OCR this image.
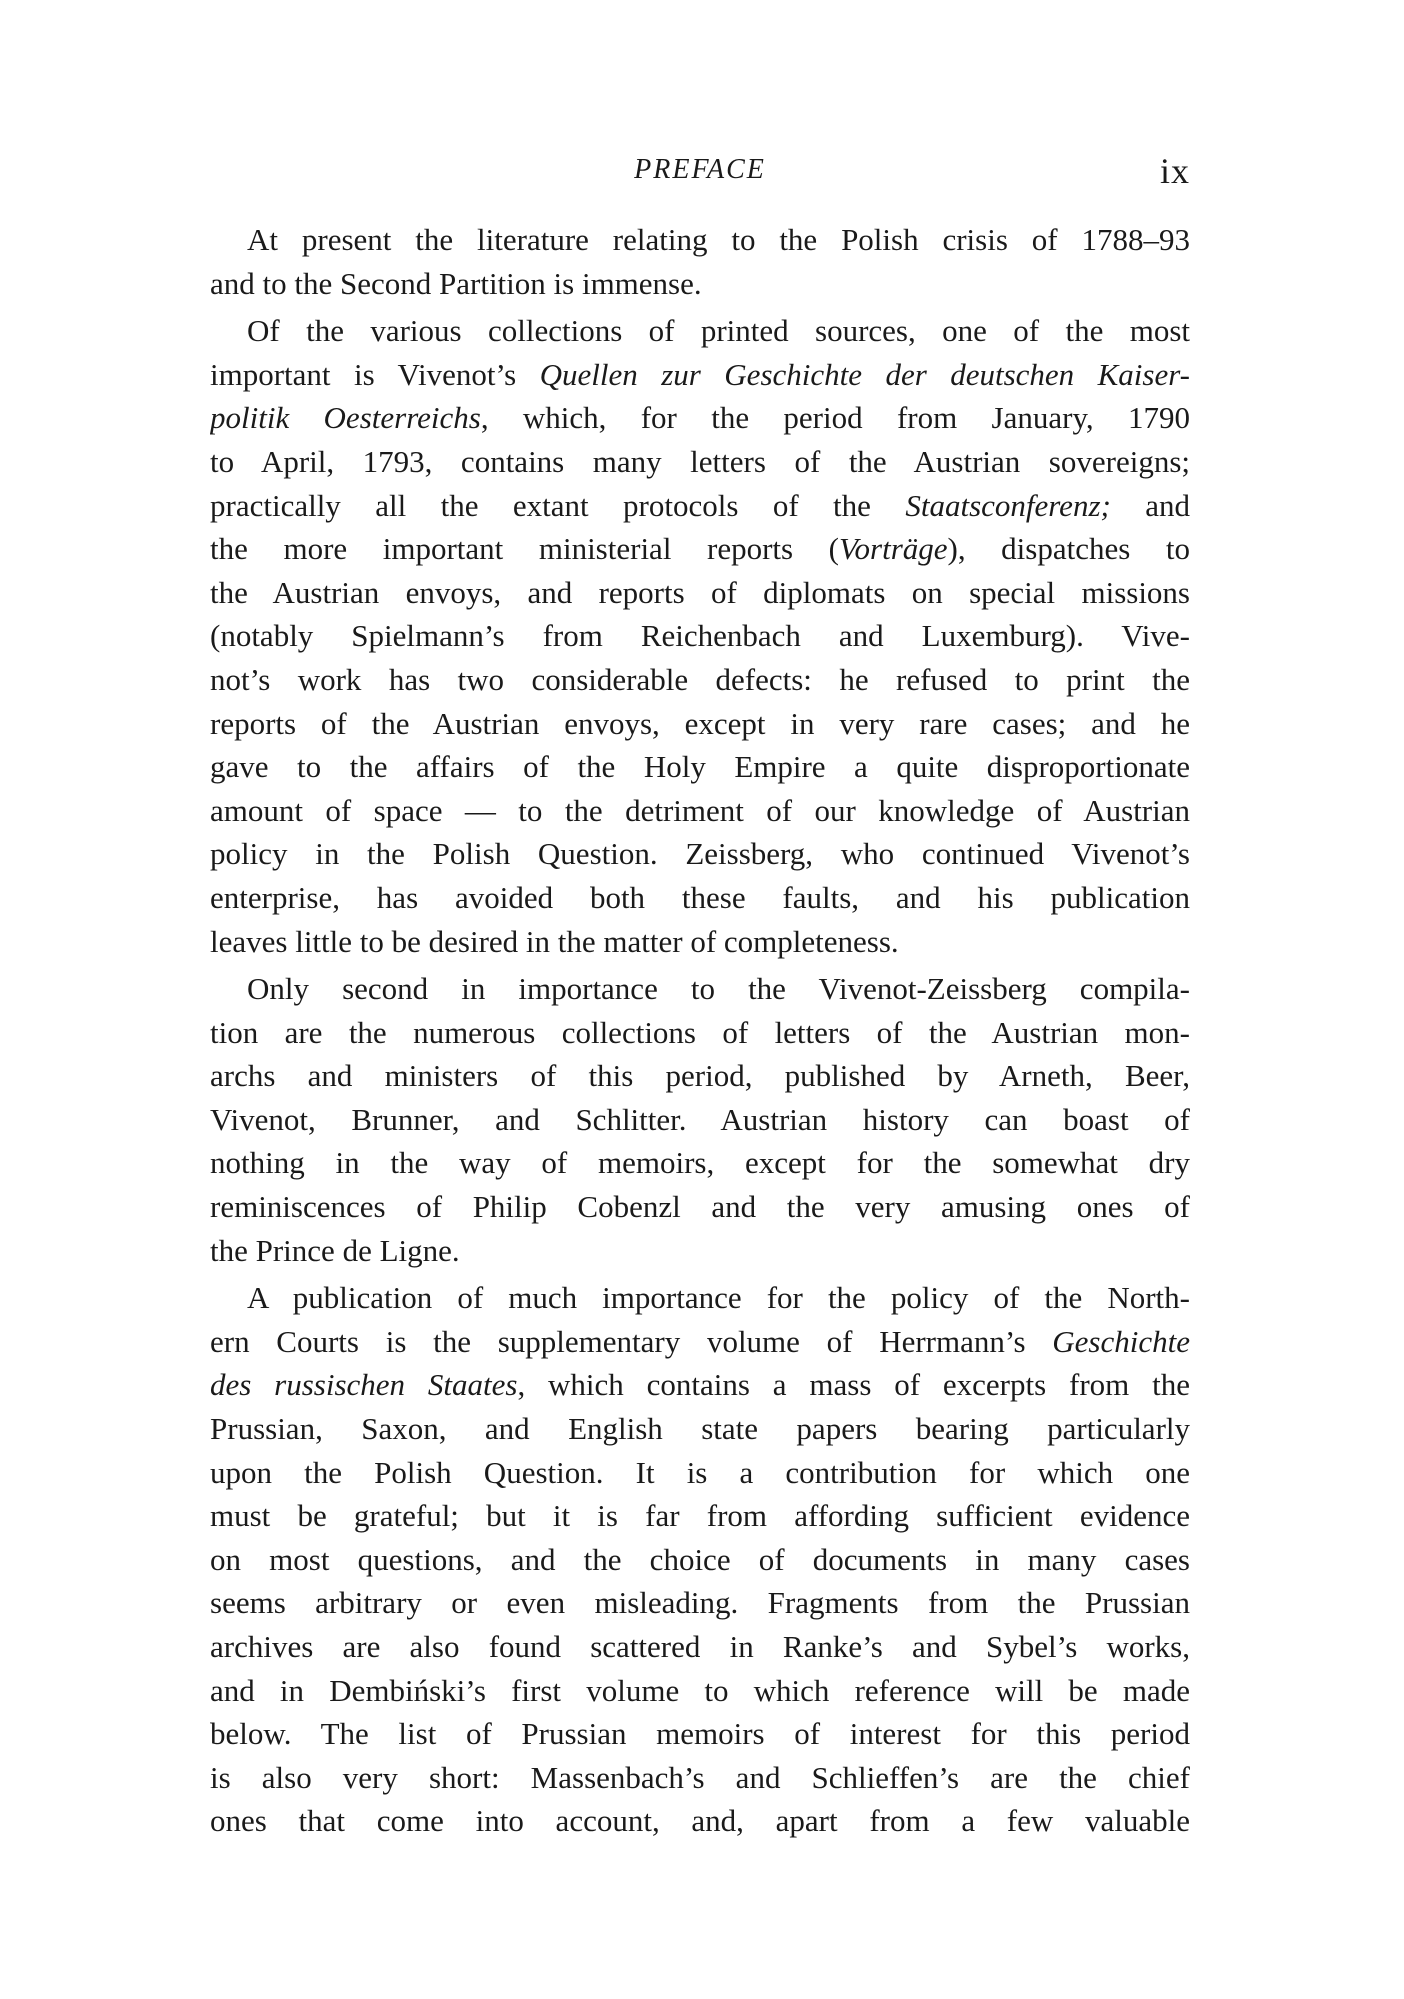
PREFACE	ix
At present the literature relating to the Polish crisis of 1788–93
and to the Second Partition is immense.
Of the various collections of printed sources, one of the most
important is Vivenot’s Quellen zur Geschichte der deutschen Kaiser-
politik Oesterreichs, which, for the period from January, 1790
to April, 1793, contains many letters of the Austrian sovereigns;
practically all the extant protocols of the Staatsconferenz; and
the more important ministerial reports (Vorträge), dispatches to
the Austrian envoys, and reports of diplomats on special missions
(notably Spielmann’s from Reichenbach and Luxemburg). Vive-
not’s work has two considerable defects: he refused to print the
reports of the Austrian envoys, except in very rare cases; and he
gave to the affairs of the Holy Empire a quite disproportionate
amount of space — to the detriment of our knowledge of Austrian
policy in the Polish Question. Zeissberg, who continued Vivenot’s
enterprise, has avoided both these faults, and his publication
leaves little to be desired in the matter of completeness.
Only second in importance to the Vivenot-Zeissberg compila-
tion are the numerous collections of letters of the Austrian mon-
archs and ministers of this period, published by Arneth, Beer,
Vivenot, Brunner, and Schlitter. Austrian history can boast of
nothing in the way of memoirs, except for the somewhat dry
reminiscences of Philip Cobenzl and the very amusing ones of
the Prince de Ligne.
A publication of much importance for the policy of the North-
ern Courts is the supplementary volume of Herrmann’s Geschichte
des russischen Staates, which contains a mass of excerpts from the
Prussian, Saxon, and English state papers bearing particularly
upon the Polish Question. It is a contribution for which one
must be grateful; but it is far from affording sufficient evidence
on most questions, and the choice of documents in many cases
seems arbitrary or even misleading. Fragments from the Prussian
archives are also found scattered in Ranke’s and Sybel’s works,
and in Dembiński’s first volume to which reference will be made
below. The list of Prussian memoirs of interest for this period
is also very short: Massenbach’s and Schlieffen’s are the chief
ones that come into account, and, apart from a few valuable
